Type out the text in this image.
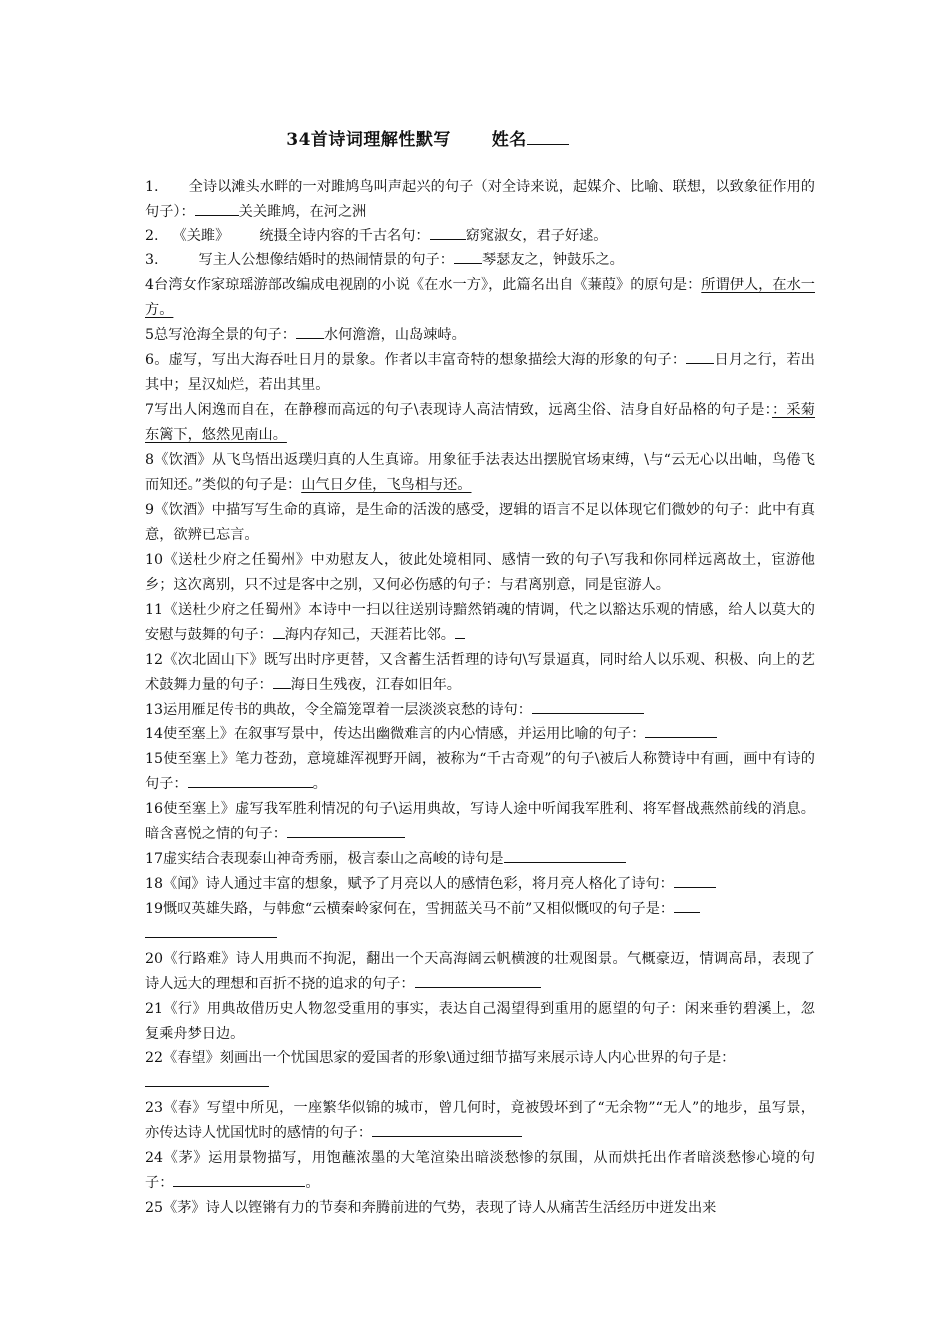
34首诗词理解性默写 姓名
1. 全诗以滩头水畔的一对雎鸠鸟叫声起兴的句子（对全诗来说，起媒介、比喻、联想，以致象征作用的句子）：	关关雎鸠，在河之洲
2. 《关雎》 统摄全诗内容的千古名句：	窈窕淑女，君子好逑。
3.	写主人公想像结婚时的热闹情景的句子： 琴瑟友之，钟鼓乐之。
4台湾女作家琼瑶游部改编成电视剧的小说《在水一方》，此篇名出自《蒹葭》的原句是：所谓伊人，在水一方。
5总写沧海全景的句子： 水何澹澹，山岛竦峙。
6。虚写，写出大海吞吐日月的景象。作者以丰富奇特的想象描绘大海的形象的句子： 日月之行，若出其中；星汉灿烂，若出其里。
7写出人闲逸而自在，在静穆而高远的句子\表现诗人高洁情致，远离尘俗、洁身自好品格的句子是：：采菊东篱下，悠然见南山。
8《饮酒》从飞鸟悟出返璞归真的人生真谛。用象征手法表达出摆脱官场束缚，\与“云无心以出岫，鸟倦飞而知还。”类似的句子是：山气日夕佳，飞鸟相与还。
9《饮酒》中描写写生命的真谛，是生命的活泼的感受，逻辑的语言不足以体现它们微妙的句子：此中有真意，欲辨已忘言。
10《送杜少府之任蜀州》中劝慰友人，彼此处境相同、感情一致的句子\写我和你同样远离故土，宦游他乡；这次离别，只不过是客中之别，又何必伤感的句子：与君离别意，同是宦游人。
11《送杜少府之任蜀州》本诗中一扫以往送别诗黯然销魂的情调，代之以豁达乐观的情感，给人以莫大的安慰与鼓舞的句子： 海内存知己，天涯若比邻。
12《次北固山下》既写出时序更替，又含蓄生活哲理的诗句\写景逼真，同时给人以乐观、积极、向上的艺术鼓舞力量的句子： 海日生残夜，江春如旧年。
13运用雁足传书的典故，令全篇笼罩着一层淡淡哀愁的诗句：
14使至塞上》在叙事写景中，传达出幽微难言的内心情感，并运用比喻的句子：
15使至塞上》笔力苍劲，意境雄浑视野开阔，被称为“千古奇观”的句子\被后人称赞诗中有画，画中有诗的句子：	。
16使至塞上》虚写我军胜利情况的句子\运用典故，写诗人途中听闻我军胜利、将军督战燕然前线的消息。暗含喜悦之情的句子：
17虚实结合表现泰山神奇秀丽，极言泰山之高峻的诗句是
18《闻》诗人通过丰富的想象，赋予了月亮以人的感情色彩，将月亮人格化了诗句：
19慨叹英雄失路，与韩愈“云横秦岭家何在，雪拥蓝关马不前”又相似慨叹的句子是：

20《行路难》诗人用典而不拘泥，翻出一个天高海阔云帆横渡的壮观图景。气概豪迈，情调高昂，表现了诗人远大的理想和百折不挠的追求的句子：
21《行》用典故借历史人物忽受重用的事实，表达自己渴望得到重用的愿望的句子：闲来垂钓碧溪上，忽复乘舟梦日边。
22《春望》刻画出一个忧国思家的爱国者的形象\通过细节描写来展示诗人内心世界的句子是：

23《春》写望中所见，一座繁华似锦的城市，曾几何时，竟被毁坏到了“无余物”“无人”的地步，虽写景，亦传达诗人忧国忧时的感情的句子：
24《茅》运用景物描写，用饱蘸浓墨的大笔渲染出暗淡愁惨的氛围，从而烘托出作者暗淡愁惨心境的句子：	。
25《茅》诗人以铿锵有力的节奏和奔腾前进的气势，表现了诗人从痛苦生活经历中迸发出来
